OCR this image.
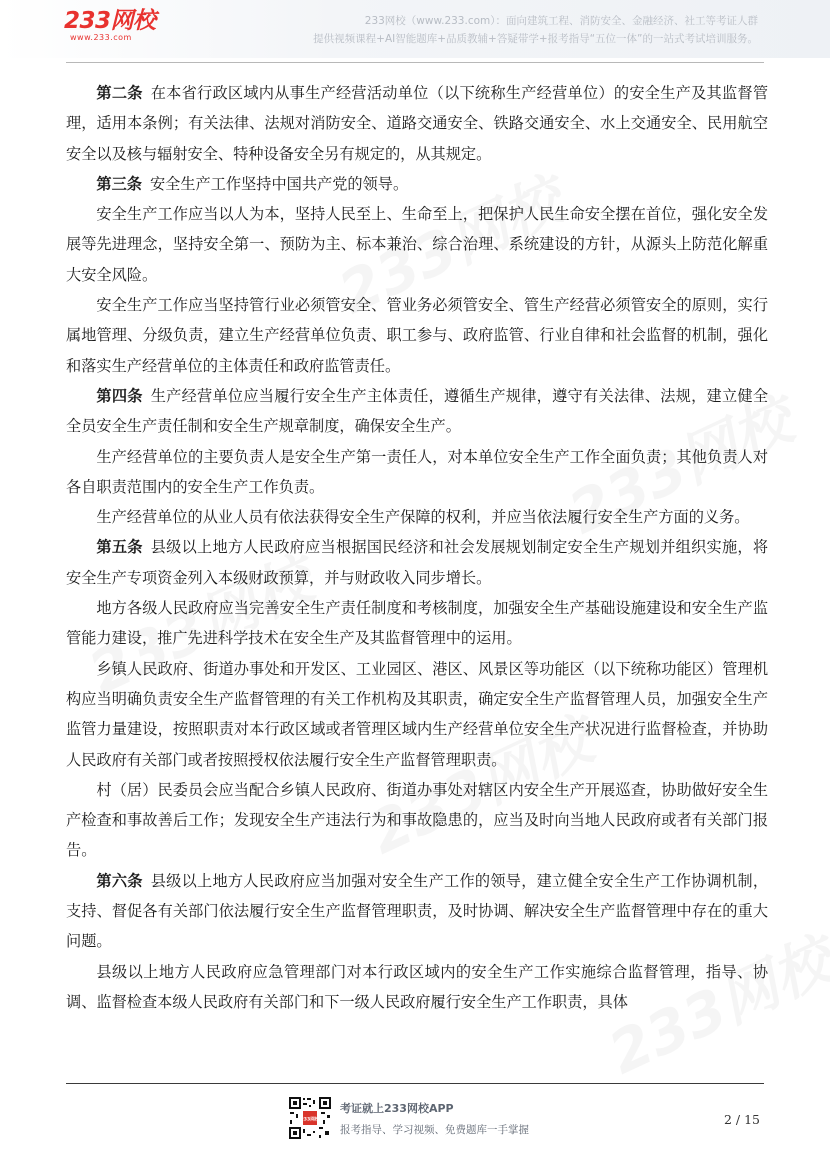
233网校
www.233.com
233网校（www.233.com）：面向建筑工程、消防安全、金融经济、社工等考证人群
提供视频课程+AI智能题库+品质教辅+答疑带学+报考指导“五位一体”的一站式考试培训服务。

第二条 在本省行政区域内从事生产经营活动单位（以下统称生产经营单位）的安全生产及其监督管理，适用本条例；有关法律、法规对消防安全、道路交通安全、铁路交通安全、水上交通安全、民用航空安全以及核与辐射安全、特种设备安全另有规定的，从其规定。

第三条 安全生产工作坚持中国共产党的领导。

安全生产工作应当以人为本，坚持人民至上、生命至上，把保护人民生命安全摆在首位，强化安全发展等先进理念，坚持安全第一、预防为主、标本兼治、综合治理、系统建设的方针，从源头上防范化解重大安全风险。

安全生产工作应当坚持管行业必须管安全、管业务必须管安全、管生产经营必须管安全的原则，实行属地管理、分级负责，建立生产经营单位负责、职工参与、政府监管、行业自律和社会监督的机制，强化和落实生产经营单位的主体责任和政府监管责任。

第四条 生产经营单位应当履行安全生产主体责任，遵循生产规律，遵守有关法律、法规，建立健全全员安全生产责任制和安全生产规章制度，确保安全生产。

生产经营单位的主要负责人是安全生产第一责任人，对本单位安全生产工作全面负责；其他负责人对各自职责范围内的安全生产工作负责。

生产经营单位的从业人员有依法获得安全生产保障的权利，并应当依法履行安全生产方面的义务。

第五条 县级以上地方人民政府应当根据国民经济和社会发展规划制定安全生产规划并组织实施，将安全生产专项资金列入本级财政预算，并与财政收入同步增长。

地方各级人民政府应当完善安全生产责任制度和考核制度，加强安全生产基础设施建设和安全生产监管能力建设，推广先进科学技术在安全生产及其监督管理中的运用。

乡镇人民政府、街道办事处和开发区、工业园区、港区、风景区等功能区（以下统称功能区）管理机构应当明确负责安全生产监督管理的有关工作机构及其职责，确定安全生产监督管理人员，加强安全生产监管力量建设，按照职责对本行政区域或者管理区域内生产经营单位安全生产状况进行监督检查，并协助人民政府有关部门或者按照授权依法履行安全生产监督管理职责。

村（居）民委员会应当配合乡镇人民政府、街道办事处对辖区内安全生产开展巡查，协助做好安全生产检查和事故善后工作；发现安全生产违法行为和事故隐患的，应当及时向当地人民政府或者有关部门报告。

第六条 县级以上地方人民政府应当加强对安全生产工作的领导，建立健全安全生产工作协调机制，支持、督促各有关部门依法履行安全生产监督管理职责，及时协调、解决安全生产监督管理中存在的重大问题。

县级以上地方人民政府应急管理部门对本行政区域内的安全生产工作实施综合监督管理，指导、协调、监督检查本级人民政府有关部门和下一级人民政府履行安全生产工作职责，具体

233网校
考证就上233网校APP
报考指导、学习视频、免费题库一手掌握
2 / 15
